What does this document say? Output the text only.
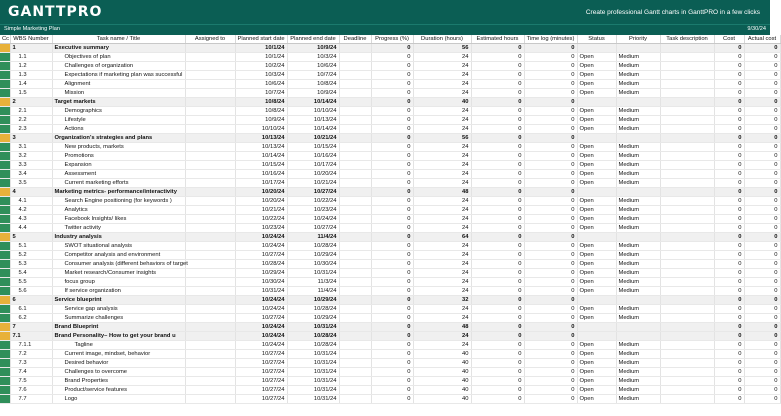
GANTTPRO	Create professional Gantt charts in GanttPRO in a few clicks
Simple Marketing Plan	9/30/24
Cc	WBS Number	Task name / Title	Assigned to	Planned start date	Planned end date	Deadline	Progress (%)	Duration (hours)	Estimated hours	Time log (minutes)	Status	Priority	Task description	Cost	Actual cost

	1	Executive summary		10/1/24	10/9/24		0	56	0	0				0	0

	1.1	Objectives of plan		10/1/24	10/3/24		0	24	0	0	Open	Medium		0	0

	1.2	Challenges of organization		10/2/24	10/6/24		0	24	0	0	Open	Medium		0	0

	1.3	Expectations if marketing plan was successful		10/3/24	10/7/24		0	24	0	0	Open	Medium		0	0

	1.4	Alignment		10/6/24	10/8/24		0	24	0	0	Open	Medium		0	0

	1.5	Mission		10/7/24	10/9/24		0	24	0	0	Open	Medium		0	0

	2	Target markets		10/8/24	10/14/24		0	40	0	0				0	0

	2.1	Demographics		10/8/24	10/10/24		0	24	0	0	Open	Medium		0	0

	2.2	Lifestyle		10/9/24	10/13/24		0	24	0	0	Open	Medium		0	0

	2.3	Actions		10/10/24	10/14/24		0	24	0	0	Open	Medium		0	0

	3	Organization’s strategies and plans		10/13/24	10/21/24		0	56	0	0				0	0

	3.1	New products, markets		10/13/24	10/15/24		0	24	0	0	Open	Medium		0	0

	3.2	Promotions		10/14/24	10/16/24		0	24	0	0	Open	Medium		0	0

	3.3	Expansion		10/15/24	10/17/24		0	24	0	0	Open	Medium		0	0

	3.4	Assessment		10/16/24	10/20/24		0	24	0	0	Open	Medium		0	0

	3.5	Current marketing efforts		10/17/24	10/21/24		0	24	0	0	Open	Medium		0	0

	4	Marketing metrics- performance/interactivity		10/20/24	10/27/24		0	48	0	0				0	0

	4.1	Search Engine positioning (for keywords )		10/20/24	10/22/24		0	24	0	0	Open	Medium		0	0

	4.2	Analytics		10/21/24	10/23/24		0	24	0	0	Open	Medium		0	0

	4.3	Facebook Insights/ likes		10/22/24	10/24/24		0	24	0	0	Open	Medium		0	0

	4.4	Twitter activity		10/23/24	10/27/24		0	24	0	0	Open	Medium		0	0

	5	Industry analysis		10/24/24	11/4/24		0	64	0	0				0	0

	5.1	SWOT situational analysis		10/24/24	10/28/24		0	24	0	0	Open	Medium		0	0

	5.2	Competitor analysis and environment		10/27/24	10/29/24		0	24	0	0	Open	Medium		0	0

	5.3	Consumer analysis (different behaviors of target		10/28/24	10/30/24		0	24	0	0	Open	Medium		0	0

	5.4	Market research/Consumer insights		10/29/24	10/31/24		0	24	0	0	Open	Medium		0	0

	5.5	focus group		10/30/24	11/3/24		0	24	0	0	Open	Medium		0	0

	5.6	If service organization		10/31/24	11/4/24		0	24	0	0	Open	Medium		0	0

	6	Service blueprint		10/24/24	10/29/24		0	32	0	0				0	0

	6.1	Service gap analysis		10/24/24	10/28/24		0	24	0	0	Open	Medium		0	0

	6.2	Summarize challenges		10/27/24	10/29/24		0	24	0	0	Open	Medium		0	0

	7	Brand Blueprint		10/24/24	10/31/24		0	48	0	0				0	0

	7.1	Brand Personality– How to get your brand u		10/24/24	10/28/24		0	24	0	0				0	0

	7.1.1	Tagline		10/24/24	10/28/24		0	24	0	0	Open	Medium		0	0

	7.2	Current image, mindset, behavior		10/27/24	10/31/24		0	40	0	0	Open	Medium		0	0

	7.3	Desired behavior		10/27/24	10/31/24		0	40	0	0	Open	Medium		0	0

	7.4	Challenges to overcome		10/27/24	10/31/24		0	40	0	0	Open	Medium		0	0

	7.5	Brand Properties		10/27/24	10/31/24		0	40	0	0	Open	Medium		0	0

	7.6	Product/service features		10/27/24	10/31/24		0	40	0	0	Open	Medium		0	0

	7.7	Logo		10/27/24	10/31/24		0	40	0	0	Open	Medium		0	0
